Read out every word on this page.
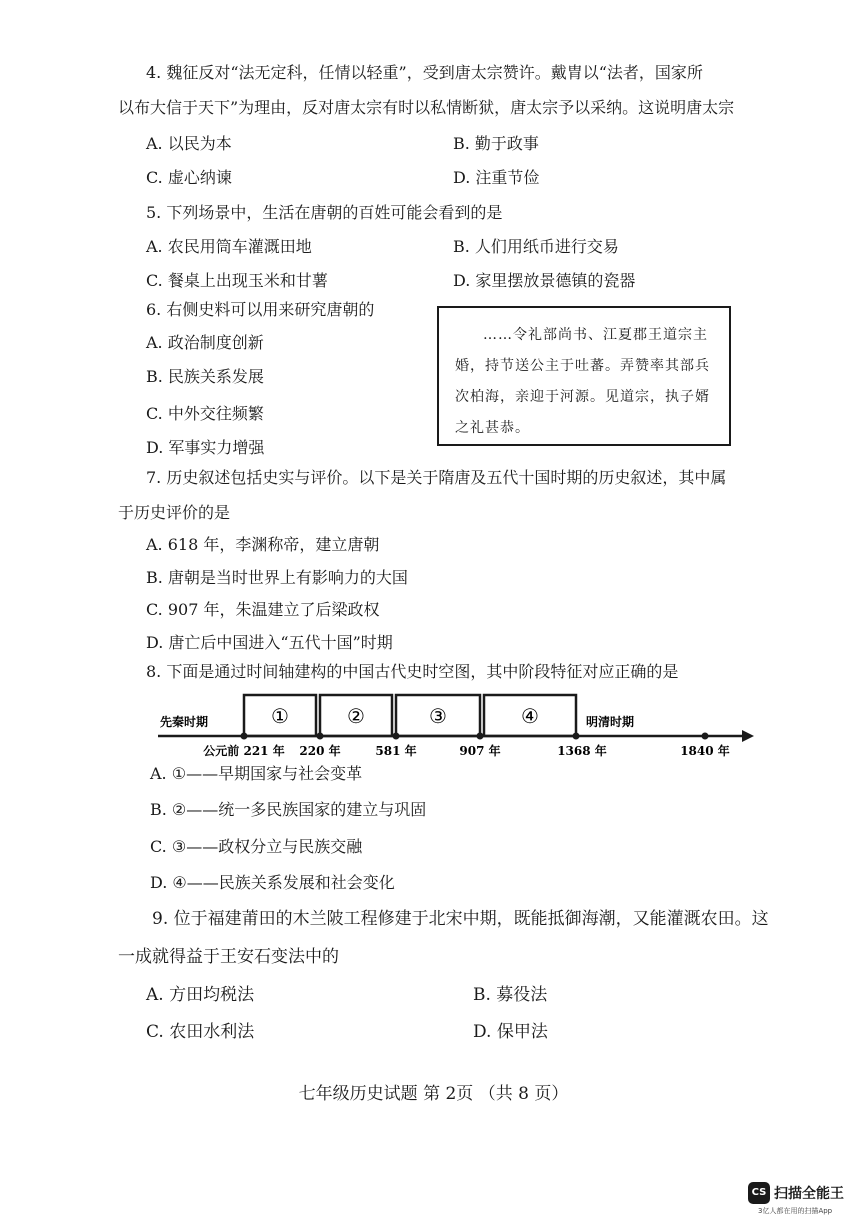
4. 魏征反对“法无定科，任情以轻重”，受到唐太宗赞许。戴胄以“法者，国家所
以布大信于天下”为理由，反对唐太宗有时以私情断狱，唐太宗予以采纳。这说明唐太宗
A. 以民为本	B. 勤于政事
C. 虚心纳谏	D. 注重节俭
5. 下列场景中，生活在唐朝的百姓可能会看到的是
A. 农民用筒车灌溉田地	B. 人们用纸币进行交易
C. 餐桌上出现玉米和甘薯	D. 家里摆放景德镇的瓷器
6. 右侧史料可以用来研究唐朝的
A. 政治制度创新
B. 民族关系发展
C. 中外交往频繁
D. 军事实力增强
……令礼部尚书、江夏郡王道宗主婚，持节送公主于吐蕃。弄赞率其部兵次柏海，亲迎于河源。见道宗，执子婿之礼甚恭。
7. 历史叙述包括史实与评价。以下是关于隋唐及五代十国时期的历史叙述，其中属
于历史评价的是
A. 618 年，李渊称帝，建立唐朝
B. 唐朝是当时世界上有影响力的大国
C. 907 年，朱温建立了后梁政权
D. 唐亡后中国进入“五代十国”时期
8. 下面是通过时间轴建构的中国古代史时空图，其中阶段特征对应正确的是
①	②	③	④
先秦时期	明清时期
公元前 221 年 220 年	581 年	907 年	1368 年	1840 年
A. ①——早期国家与社会变革
B. ②——统一多民族国家的建立与巩固
C. ③——政权分立与民族交融
D. ④——民族关系发展和社会变化
9. 位于福建莆田的木兰陂工程修建于北宋中期，既能抵御海潮，又能灌溉农田。这
一成就得益于王安石变法中的
A. 方田均税法	B. 募役法
C. 农田水利法	D. 保甲法
七年级历史试题 第 2页 （共 8 页）
CS 扫描全能王
3亿人都在用的扫描App
